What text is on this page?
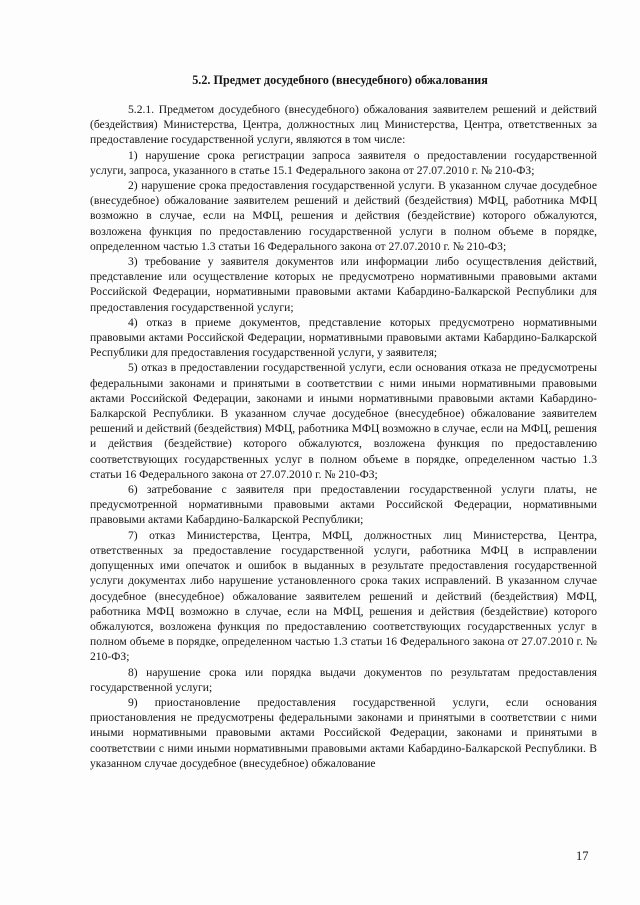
5.2. Предмет досудебного (внесудебного) обжалования

5.2.1. Предметом досудебного (внесудебного) обжалования заявителем решений и действий (бездействия) Министерства, Центра, должностных лиц Министерства, Центра, ответственных за предоставление государственной услуги, являются в том числе:

1) нарушение срока регистрации запроса заявителя о предоставлении государственной услуги, запроса, указанного в статье 15.1 Федерального закона от 27.07.2010 г. № 210-ФЗ;

2) нарушение срока предоставления государственной услуги. В указанном случае досудебное (внесудебное) обжалование заявителем решений и действий (бездействия) МФЦ, работника МФЦ возможно в случае, если на МФЦ, решения и действия (бездействие) которого обжалуются, возложена функция по предоставлению государственной услуги в полном объеме в порядке, определенном частью 1.3 статьи 16 Федерального закона от 27.07.2010 г. № 210-ФЗ;

3) требование у заявителя документов или информации либо осуществления действий, представление или осуществление которых не предусмотрено нормативными правовыми актами Российской Федерации, нормативными правовыми актами Кабардино-Балкарской Республики для предоставления государственной услуги;

4) отказ в приеме документов, представление которых предусмотрено нормативными правовыми актами Российской Федерации, нормативными правовыми актами Кабардино-Балкарской Республики для предоставления государственной услуги, у заявителя;

5) отказ в предоставлении государственной услуги, если основания отказа не предусмотрены федеральными законами и принятыми в соответствии с ними иными нормативными правовыми актами Российской Федерации, законами и иными нормативными правовыми актами Кабардино-Балкарской Республики. В указанном случае досудебное (внесудебное) обжалование заявителем решений и действий (бездействия) МФЦ, работника МФЦ возможно в случае, если на МФЦ, решения и действия (бездействие) которого обжалуются, возложена функция по предоставлению соответствующих государственных услуг в полном объеме в порядке, определенном частью 1.3 статьи 16 Федерального закона от 27.07.2010 г. № 210-ФЗ;

6) затребование с заявителя при предоставлении государственной услуги платы, не предусмотренной нормативными правовыми актами Российской Федерации, нормативными правовыми актами Кабардино-Балкарской Республики;

7) отказ Министерства, Центра, МФЦ, должностных лиц Министерства, Центра, ответственных за предоставление государственной услуги, работника МФЦ в исправлении допущенных ими опечаток и ошибок в выданных в результате предоставления государственной услуги документах либо нарушение установленного срока таких исправлений. В указанном случае досудебное (внесудебное) обжалование заявителем решений и действий (бездействия) МФЦ, работника МФЦ возможно в случае, если на МФЦ, решения и действия (бездействие) которого обжалуются, возложена функция по предоставлению соответствующих государственных услуг в полном объеме в порядке, определенном частью 1.3 статьи 16 Федерального закона от 27.07.2010 г. № 210-ФЗ;

8) нарушение срока или порядка выдачи документов по результатам предоставления государственной услуги;

9) приостановление предоставления государственной услуги, если основания приостановления не предусмотрены федеральными законами и принятыми в соответствии с ними иными нормативными правовыми актами Российской Федерации, законами и принятыми в соответствии с ними иными нормативными правовыми актами Кабардино-Балкарской Республики. В указанном случае досудебное (внесудебное) обжалование

17
